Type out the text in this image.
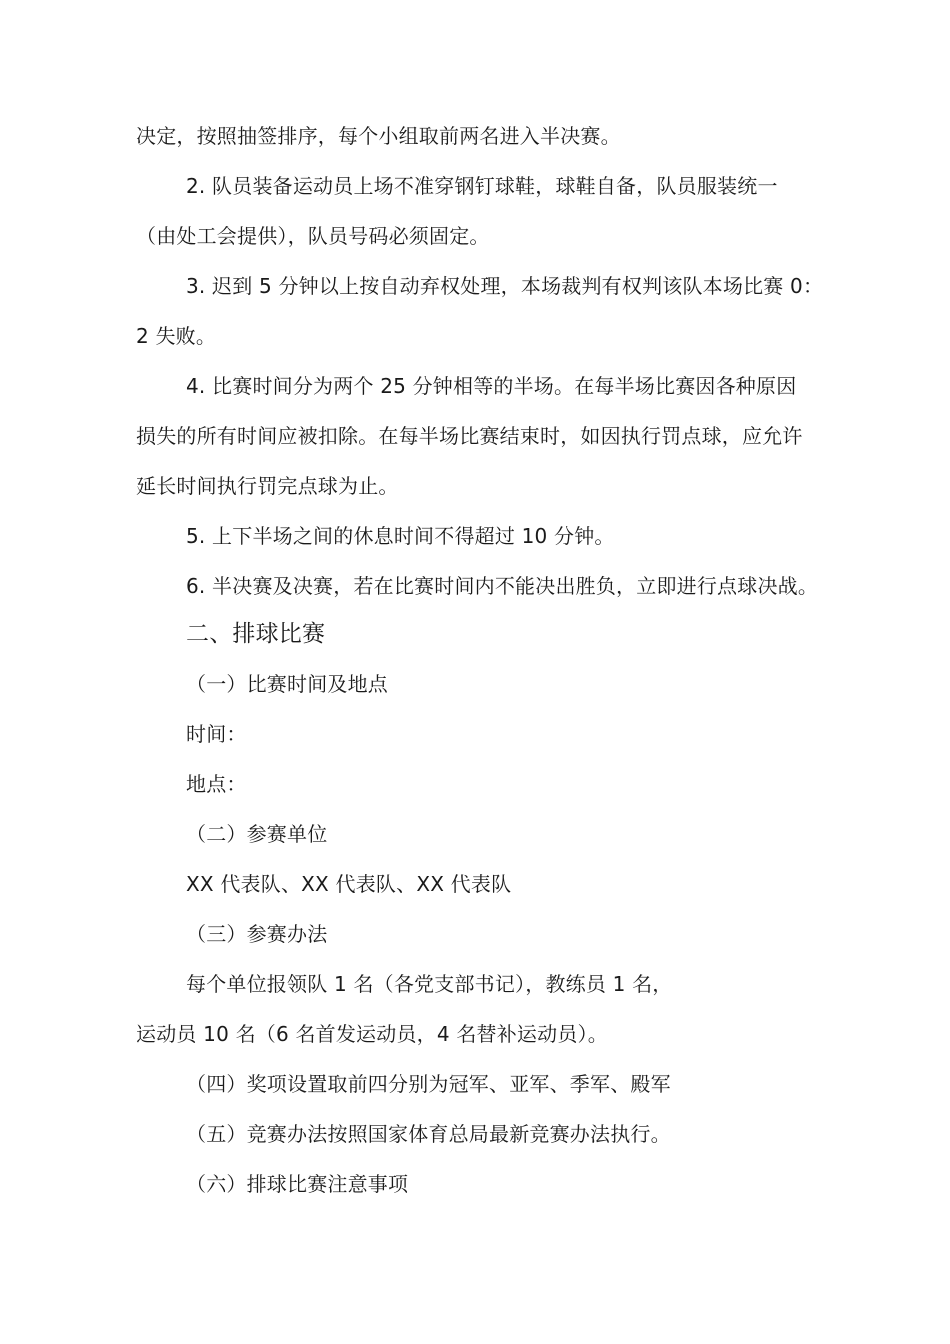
决定，按照抽签排序，每个小组取前两名进入半决赛。
2. 队员装备运动员上场不准穿钢钉球鞋，球鞋自备，队员服装统一
（由处工会提供），队员号码必须固定。
3. 迟到 5 分钟以上按自动弃权处理，本场裁判有权判该队本场比赛 0：
2 失败。
4. 比赛时间分为两个 25 分钟相等的半场。在每半场比赛因各种原因
损失的所有时间应被扣除。在每半场比赛结束时，如因执行罚点球，应允许
延长时间执行罚完点球为止。
5. 上下半场之间的休息时间不得超过 10 分钟。
6. 半决赛及决赛，若在比赛时间内不能决出胜负，立即进行点球决战。
二、排球比赛
（一）比赛时间及地点
时间：
地点：
（二）参赛单位
XX 代表队、XX 代表队、XX 代表队
（三）参赛办法
每个单位报领队 1 名（各党支部书记），教练员 1 名，
运动员 10 名（6 名首发运动员，4 名替补运动员）。
（四）奖项设置取前四分别为冠军、亚军、季军、殿军
（五）竞赛办法按照国家体育总局最新竞赛办法执行。
（六）排球比赛注意事项
